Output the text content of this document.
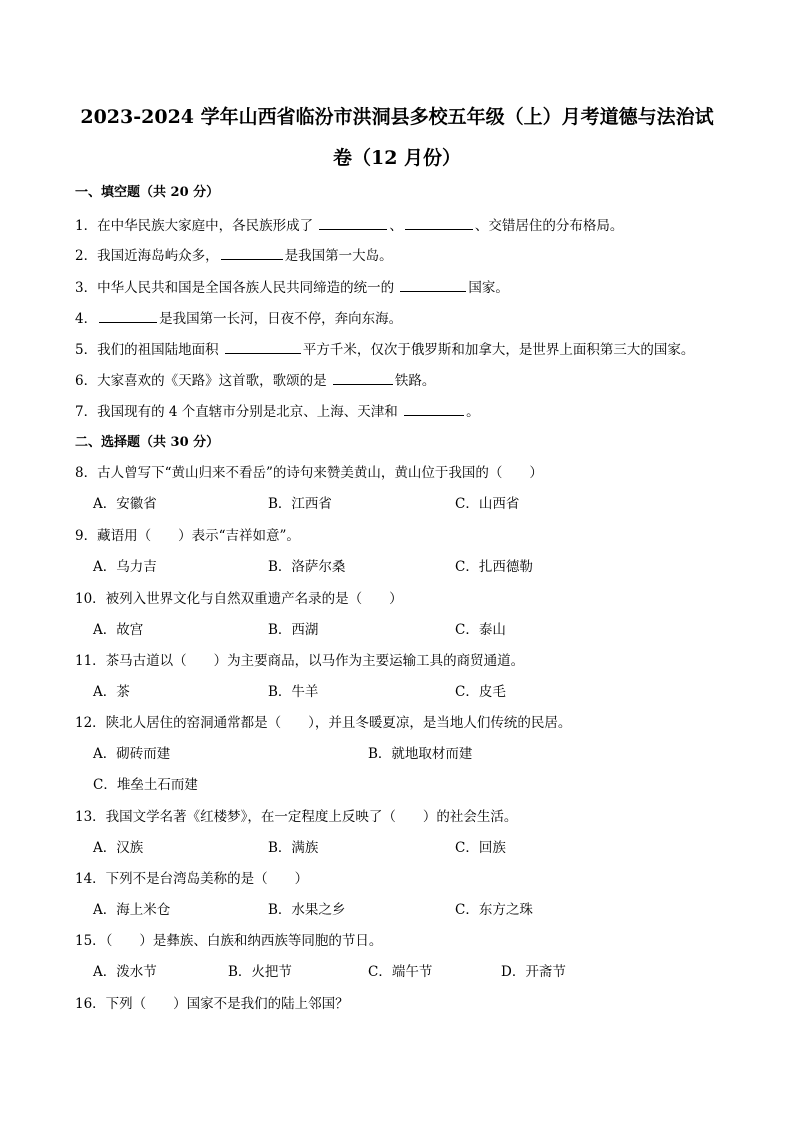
2023-2024 学年山西省临汾市洪洞县多校五年级（上）月考道德与法治试
卷（12 月份）
一、填空题（共 20 分）
1．在中华民族大家庭中，各民族形成了	、	、交错居住的分布格局。
2．我国近海岛屿众多，	是我国第一大岛。
3．中华人民共和国是全国各族人民共同缔造的统一的	国家。
4．	是我国第一长河，日夜不停，奔向东海。
5．我们的祖国陆地面积	平方千米，仅次于俄罗斯和加拿大，是世界上面积第三大的国家。
6．大家喜欢的《天路》这首歌，歌颂的是	铁路。
7．我国现有的 4 个直辖市分别是北京、上海、天津和	。
二、选择题（共 30 分）
8．古人曾写下“黄山归来不看岳”的诗句来赞美黄山，黄山位于我国的（　　）
A．安徽省	B．江西省	C．山西省
9．藏语用（　　）表示“吉祥如意”。
A．乌力吉	B．洛萨尔桑	C．扎西德勒
10．被列入世界文化与自然双重遗产名录的是（　　）
A．故宫	B．西湖	C．泰山
11．茶马古道以（　　）为主要商品，以马作为主要运输工具的商贸通道。
A．茶	B．牛羊	C．皮毛
12．陕北人居住的窑洞通常都是（　　），并且冬暖夏凉，是当地人们传统的民居。
A．砌砖而建	B．就地取材而建
C．堆垒土石而建
13．我国文学名著《红楼梦》，在一定程度上反映了（　　）的社会生活。
A．汉族	B．满族	C．回族
14．下列不是台湾岛美称的是（　　）
A．海上米仓	B．水果之乡	C．东方之珠
15．（　　）是彝族、白族和纳西族等同胞的节日。
A．泼水节	B．火把节	C．端午节	D．开斋节
16．下列（　　）国家不是我们的陆上邻国？
